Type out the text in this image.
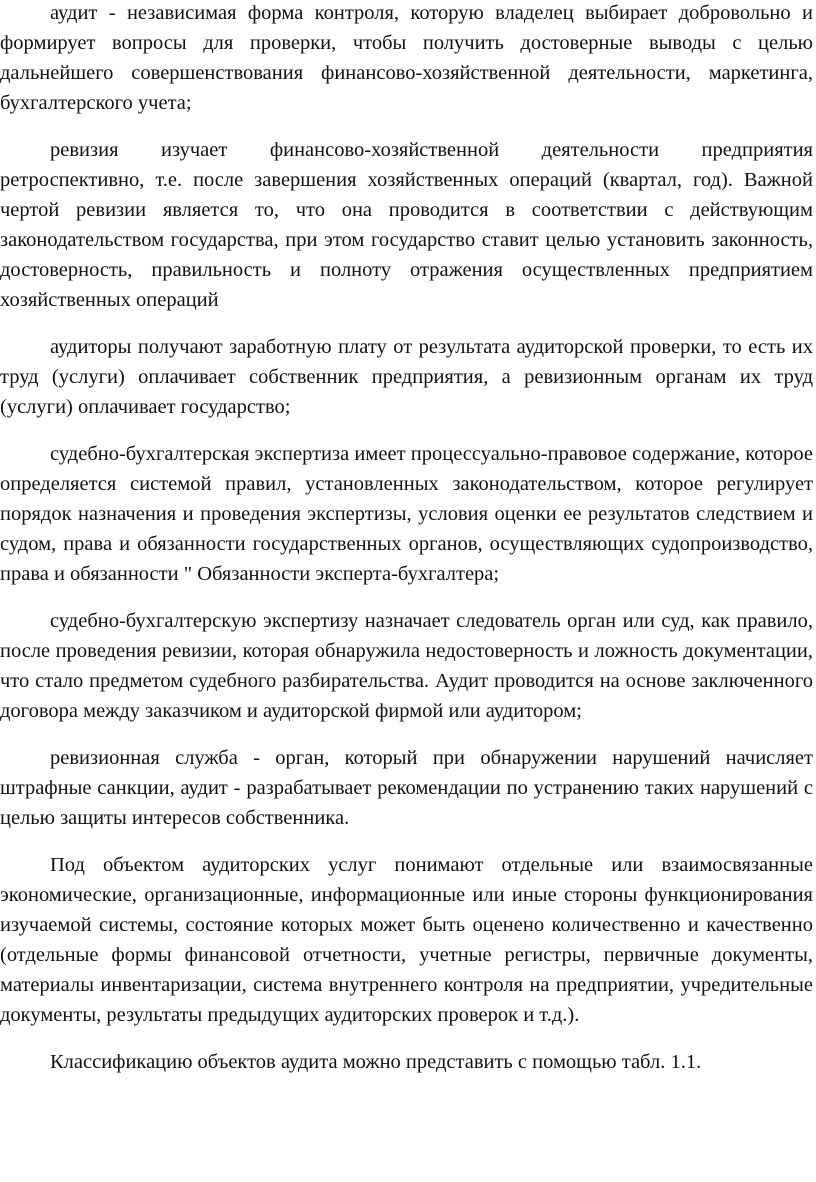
аудит - независимая форма контроля, которую владелец выбирает добровольно и формирует вопросы для проверки, чтобы получить достоверные выводы с целью дальнейшего совершенствования финансово-хозяйственной деятельности, маркетинга, бухгалтерского учета;

ревизия изучает финансово-хозяйственной деятельности предприятия ретроспективно, т.е. после завершения хозяйственных операций (квартал, год). Важной чертой ревизии является то, что она проводится в соответствии с действующим законодательством государства, при этом государство ставит целью установить законность, достоверность, правильность и полноту отражения осуществленных предприятием хозяйственных операций

аудиторы получают заработную плату от результата аудиторской проверки, то есть их труд (услуги) оплачивает собственник предприятия, а ревизионным органам их труд (услуги) оплачивает государство;

судебно-бухгалтерская экспертиза имеет процессуально-правовое содержание, которое определяется системой правил, установленных законодательством, которое регулирует порядок назначения и проведения экспертизы, условия оценки ее результатов следствием и судом, права и обязанности государственных органов, осуществляющих судопроизводство, права и обязанности " Обязанности эксперта-бухгалтера;

судебно-бухгалтерскую экспертизу назначает следователь орган или суд, как правило, после проведения ревизии, которая обнаружила недостоверность и ложность документации, что стало предметом судебного разбирательства. Аудит проводится на основе заключенного договора между заказчиком и аудиторской фирмой или аудитором;

ревизионная служба - орган, который при обнаружении нарушений начисляет штрафные санкции, аудит - разрабатывает рекомендации по устранению таких нарушений с целью защиты интересов собственника.

Под объектом аудиторских услуг понимают отдельные или взаимосвязанные экономические, организационные, информационные или иные стороны функционирования изучаемой системы, состояние которых может быть оценено количественно и качественно (отдельные формы финансовой отчетности, учетные регистры, первичные документы, материалы инвентаризации, система внутреннего контроля на предприятии, учредительные документы, результаты предыдущих аудиторских проверок и т.д.).

Классификацию объектов аудита можно представить с помощью табл. 1.1.
